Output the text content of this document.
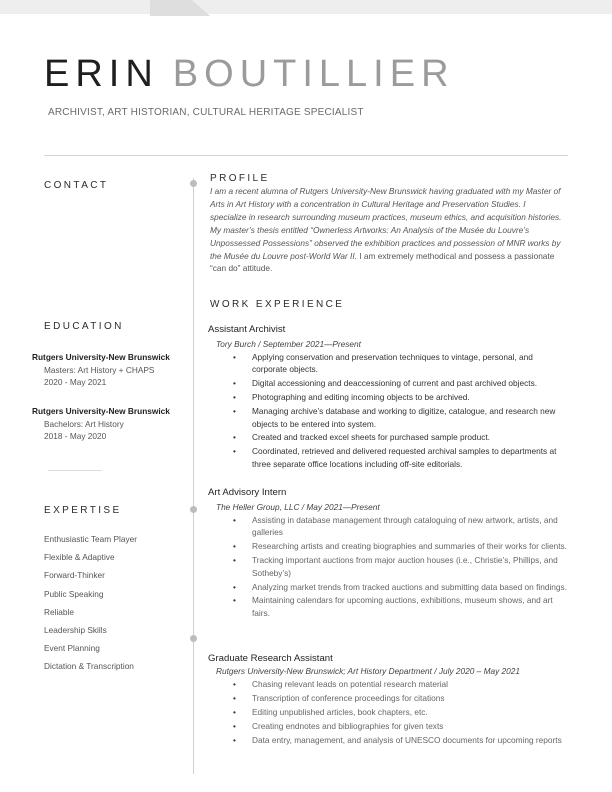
ERIN BOUTILLIER
ARCHIVIST, ART HISTORIAN, CULTURAL HERITAGE SPECIALIST
CONTACT
EDUCATION
EXPERTISE
PROFILE
I am a recent alumna of Rutgers University-New Brunswick having graduated with my Master of Arts in Art History with a concentration in Cultural Heritage and Preservation Studies. I specialize in research surrounding museum practices, museum ethics, and acquisition histories. My master’s thesis entitled “Ownerless Artworks: An Analysis of the Musée du Louvre’s Unpossessed Possessions” observed the exhibition practices and possession of MNR works by the Musée du Louvre post-World War II. I am extremely methodical and possess a passionate “can do” attitude.
WORK EXPERIENCE
Rutgers University-New Brunswick
Masters: Art History + CHAPS
2020 - May 2021
Rutgers University-New Brunswick
Bachelors: Art History
2018 - May 2020
Enthusiastic Team Player
Flexible & Adaptive
Forward-Thinker
Public Speaking
Reliable
Leadership Skills
Event Planning
Dictation & Transcription
Assistant Archivist
Tory Burch / September 2021—Present
• Applying conservation and preservation techniques to vintage, personal, and corporate objects.
• Digital accessioning and deaccessioning of current and past archived objects.
• Photographing and editing incoming objects to be archived.
• Managing archive’s database and working to digitize, catalogue, and research new objects to be entered into system.
• Created and tracked excel sheets for purchased sample product.
• Coordinated, retrieved and delivered requested archival samples to departments at three separate office locations including off-site editorials.
Art Advisory Intern
The Heller Group, LLC / May 2021—Present
• Assisting in database management through cataloguing of new artwork, artists, and galleries
• Researching artists and creating biographies and summaries of their works for clients.
• Tracking important auctions from major auction houses (i.e., Christie’s, Phillips, and Sotheby’s)
• Analyzing market trends from tracked auctions and submitting data based on findings.
• Maintaining calendars for upcoming auctions, exhibitions, museum shows, and art fairs.
Graduate Research Assistant
Rutgers University-New Brunswick; Art History Department / July 2020 – May 2021
• Chasing relevant leads on potential research material
• Transcription of conference proceedings for citations
• Editing unpublished articles, book chapters, etc.
• Creating endnotes and bibliographies for given texts
• Data entry, management, and analysis of UNESCO documents for upcoming reports
